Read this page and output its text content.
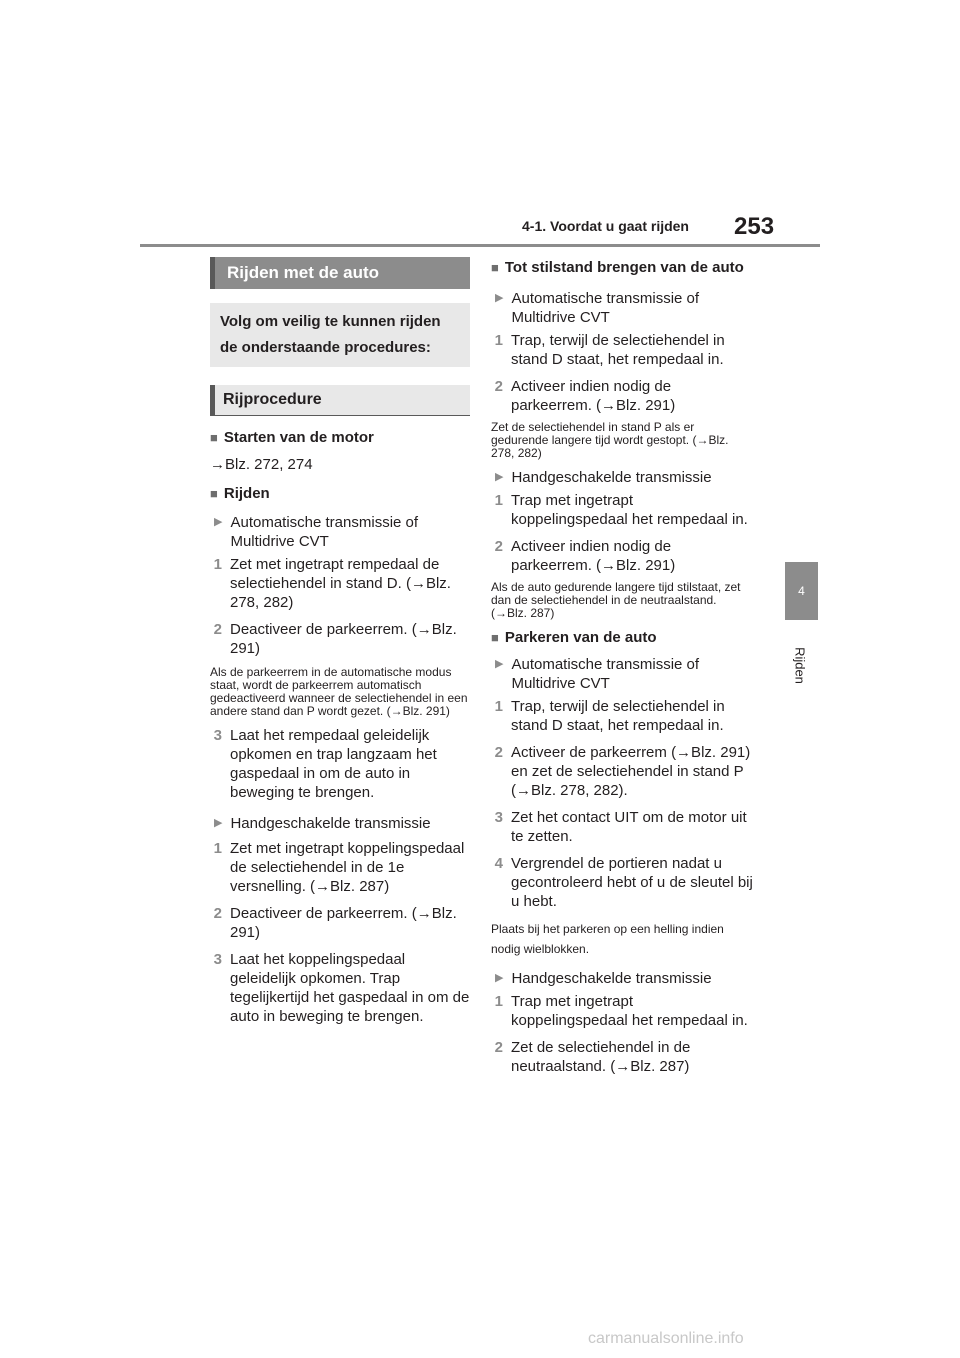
4-1. Voordat u gaat rijden 253
4
Rijden
Rijden met de auto
Volg om veilig te kunnen rijden de onderstaande procedures:
Rijprocedure
■ Starten van de motor
→Blz. 272, 274
■ Rijden
▶ Automatische transmissie of Multidrive CVT
1 Zet met ingetrapt rempedaal de selectiehendel in stand D. (→Blz. 278, 282)
2 Deactiveer de parkeerrem. (→Blz. 291)
Als de parkeerrem in de automatische modus staat, wordt de parkeerrem automatisch gedeactiveerd wanneer de selectiehendel in een andere stand dan P wordt gezet. (→Blz. 291)
3 Laat het rempedaal geleidelijk opkomen en trap langzaam het gaspedaal in om de auto in beweging te brengen.
▶ Handgeschakelde transmissie
1 Zet met ingetrapt koppelingspedaal de selectiehendel in de 1e versnelling. (→Blz. 287)
2 Deactiveer de parkeerrem. (→Blz. 291)
3 Laat het koppelingspedaal geleidelijk opkomen. Trap tegelijkertijd het gaspedaal in om de auto in beweging te brengen.
■ Tot stilstand brengen van de auto
▶ Automatische transmissie of Multidrive CVT
1 Trap, terwijl de selectiehendel in stand D staat, het rempedaal in.
2 Activeer indien nodig de parkeerrem. (→Blz. 291)
Zet de selectiehendel in stand P als er gedurende langere tijd wordt gestopt. (→Blz. 278, 282)
▶ Handgeschakelde transmissie
1 Trap met ingetrapt koppelingspedaal het rempedaal in.
2 Activeer indien nodig de parkeerrem. (→Blz. 291)
Als de auto gedurende langere tijd stilstaat, zet dan de selectiehendel in de neutraalstand. (→Blz. 287)
■ Parkeren van de auto
▶ Automatische transmissie of Multidrive CVT
1 Trap, terwijl de selectiehendel in stand D staat, het rempedaal in.
2 Activeer de parkeerrem (→Blz. 291) en zet de selectiehendel in stand P (→Blz. 278, 282).
3 Zet het contact UIT om de motor uit te zetten.
4 Vergrendel de portieren nadat u gecontroleerd hebt of u de sleutel bij u hebt.
Plaats bij het parkeren op een helling indien nodig wielblokken.
▶ Handgeschakelde transmissie
1 Trap met ingetrapt koppelingspedaal het rempedaal in.
2 Zet de selectiehendel in de neutraalstand. (→Blz. 287)
carmanualsonline.info
